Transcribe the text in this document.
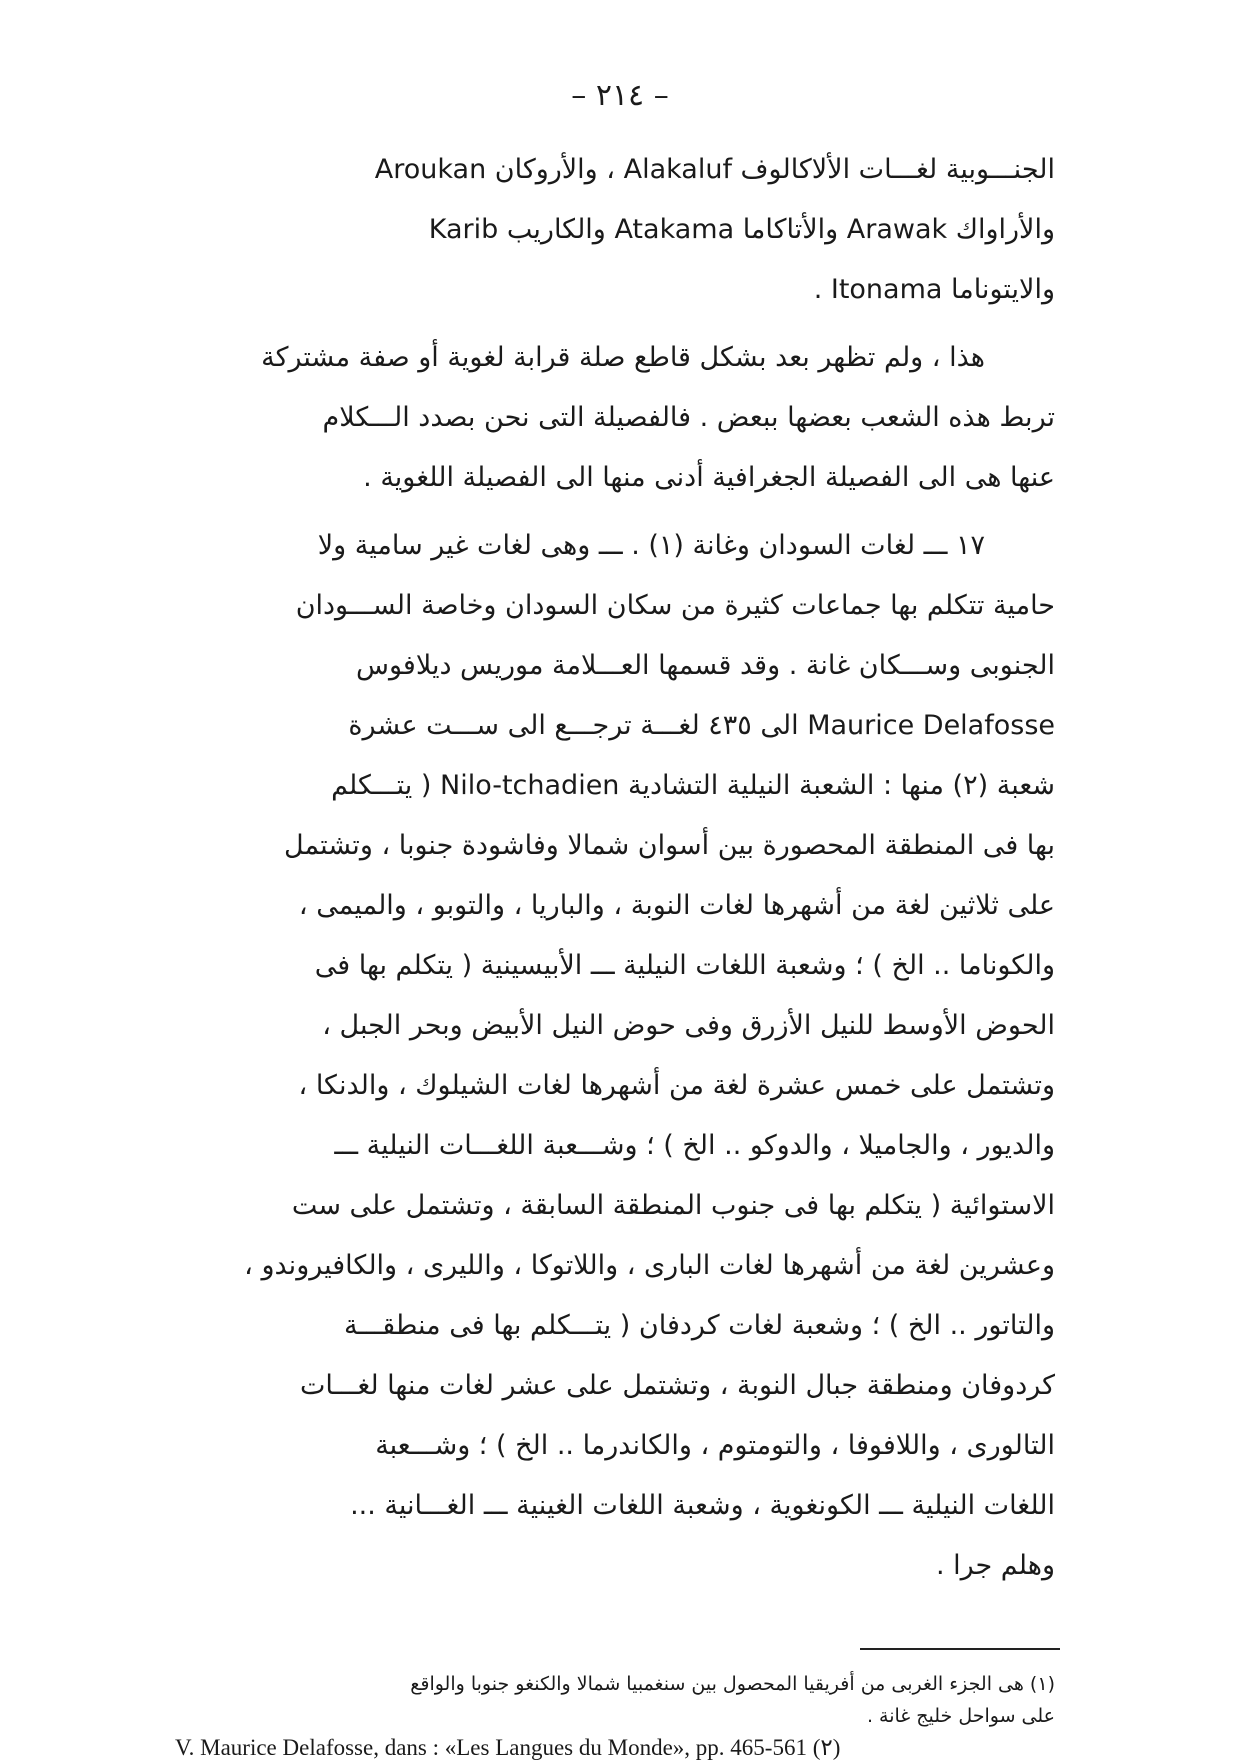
– ٢١٤ –

الجنـــوبية لغـــات الألاكالوف Alakaluf ، والأروكان Aroukan

والأراواك Arawak والأتاكاما Atakama والكاريب Karib

والايتوناما Itonama .

هذا ، ولم تظهر بعد بشكل قاطع صلة قرابة لغوية أو صفة مشتركة

تربط هذه الشعب بعضها ببعض . فالفصيلة التى نحن بصدد الـــكلام

عنها هى الى الفصيلة الجغرافية أدنى منها الى الفصيلة اللغوية .

١٧ ـــ لغات السودان وغانة (١) . ـــ وهى لغات غير سامية ولا

حامية تتكلم بها جماعات كثيرة من سكان السودان وخاصة الســـودان

الجنوبى وســـكان غانة . وقد قسمها العـــلامة موريس ديلافوس

Maurice Delafosse الى ٤٣٥ لغـــة ترجـــع الى ســـت عشرة

شعبة (٢) منها : الشعبة النيلية التشادية Nilo-tchadien ( يتـــكلم

بها فى المنطقة المحصورة بين أسوان شمالا وفاشودة جنوبا ، وتشتمل

على ثلاثين لغة من أشهرها لغات النوبة ، والباريا ، والتوبو ، والميمى ،

والكوناما .. الخ ) ؛ وشعبة اللغات النيلية ـــ الأبيسينية ( يتكلم بها فى

الحوض الأوسط للنيل الأزرق وفى حوض النيل الأبيض وبحر الجبل ،

وتشتمل على خمس عشرة لغة من أشهرها لغات الشيلوك ، والدنكا ،

والديور ، والجاميلا ، والدوكو .. الخ ) ؛ وشـــعبة اللغـــات النيلية ـــ

الاستوائية ( يتكلم بها فى جنوب المنطقة السابقة ، وتشتمل على ست

وعشرين لغة من أشهرها لغات البارى ، واللاتوكا ، والليرى ، والكافيروندو ،

والتاتور .. الخ ) ؛ وشعبة لغات كردفان ( يتـــكلم بها فى منطقـــة

كردوفان ومنطقة جبال النوبة ، وتشتمل على عشر لغات منها لغـــات

التالورى ، واللافوفا ، والتومتوم ، والكاندرما .. الخ ) ؛ وشـــعبة

اللغات النيلية ـــ الكونغوية ، وشعبة اللغات الغينية ـــ الغـــانية ...

وهلم جرا .

(١) هى الجزء الغربى من أفريقيا المحصول بين سنغمبيا شمالا والكنغو جنوبا والواقع
على سواحل خليج غانة .
V. Maurice Delafosse, dans : «Les Langues du Monde», pp. 465-561 (٢)
